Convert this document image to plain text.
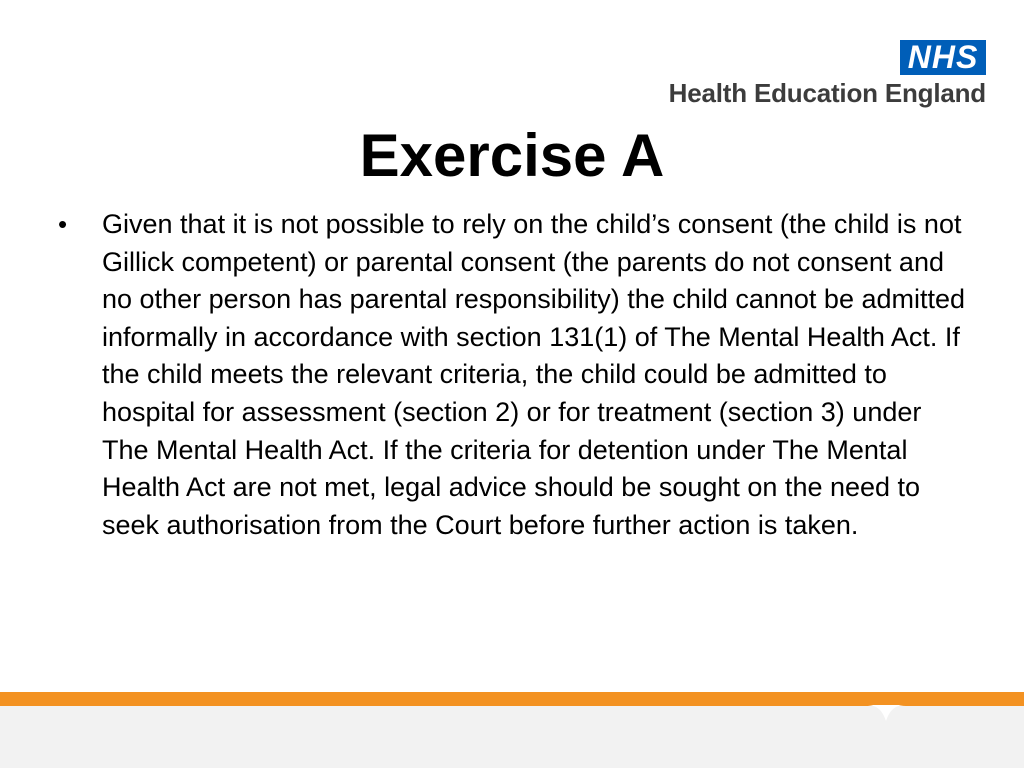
NHS
Health Education England
Exercise A
•	Given that it is not possible to rely on the child’s consent (the child is not Gillick competent) or parental consent (the parents do not consent and no other person has parental responsibility) the child cannot be admitted informally in accordance with section 131(1) of The Mental Health Act. If the child meets the relevant criteria, the child could be admitted to hospital for assessment (section 2) or for treatment (section 3) under The Mental Health Act. If the criteria for detention under The Mental Health Act are not met, legal advice should be sought on the need to seek authorisation from the Court before further action is taken.
